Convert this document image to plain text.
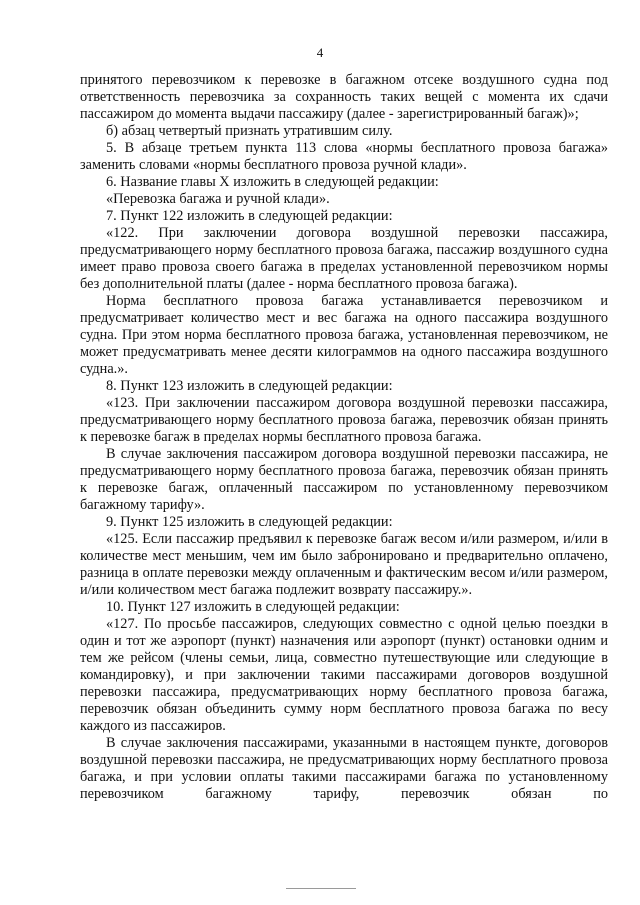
4

принятого перевозчиком к перевозке в багажном отсеке воздушного судна под ответственность перевозчика за сохранность таких вещей с момента их сдачи пассажиром до момента выдачи пассажиру (далее - зарегистрированный багаж)»;

б) абзац четвертый признать утратившим силу.

5. В абзаце третьем пункта 113 слова «нормы бесплатного провоза багажа» заменить словами «нормы бесплатного провоза ручной клади».

6. Название главы X изложить в следующей редакции:

«Перевозка багажа и ручной клади».

7. Пункт 122 изложить в следующей редакции:

«122. При заключении договора воздушной перевозки пассажира, предусматривающего норму бесплатного провоза багажа, пассажир воздушного судна имеет право провоза своего багажа в пределах установленной перевозчиком нормы без дополнительной платы (далее - норма бесплатного провоза багажа).

Норма бесплатного провоза багажа устанавливается перевозчиком и предусматривает количество мест и вес багажа на одного пассажира воздушного судна. При этом норма бесплатного провоза багажа, установленная перевозчиком, не может предусматривать менее десяти килограммов на одного пассажира воздушного судна.».

8. Пункт 123 изложить в следующей редакции:

«123. При заключении пассажиром договора воздушной перевозки пассажира, предусматривающего норму бесплатного провоза багажа, перевозчик обязан принять к перевозке багаж в пределах нормы бесплатного провоза багажа.

В случае заключения пассажиром договора воздушной перевозки пассажира, не предусматривающего норму бесплатного провоза багажа, перевозчик обязан принять к перевозке багаж, оплаченный пассажиром по установленному перевозчиком багажному тарифу».

9. Пункт 125 изложить в следующей редакции:

«125. Если пассажир предъявил к перевозке багаж весом и/или размером, и/или в количестве мест меньшим, чем им было забронировано и предварительно оплачено, разница в оплате перевозки между оплаченным и фактическим весом и/или размером, и/или количеством мест багажа подлежит возврату пассажиру.».

10. Пункт 127 изложить в следующей редакции:

«127. По просьбе пассажиров, следующих совместно с одной целью поездки в один и тот же аэропорт (пункт) назначения или аэропорт (пункт) остановки одним и тем же рейсом (члены семьи, лица, совместно путешествующие или следующие в командировку), и при заключении такими пассажирами договоров воздушной перевозки пассажира, предусматривающих норму бесплатного провоза багажа, перевозчик обязан объединить сумму норм бесплатного провоза багажа по весу каждого из пассажиров.

В случае заключения пассажирами, указанными в настоящем пункте, договоров воздушной перевозки пассажира, не предусматривающих норму бесплатного провоза багажа, и при условии оплаты такими пассажирами багажа по установленному перевозчиком багажному тарифу, перевозчик обязан по
